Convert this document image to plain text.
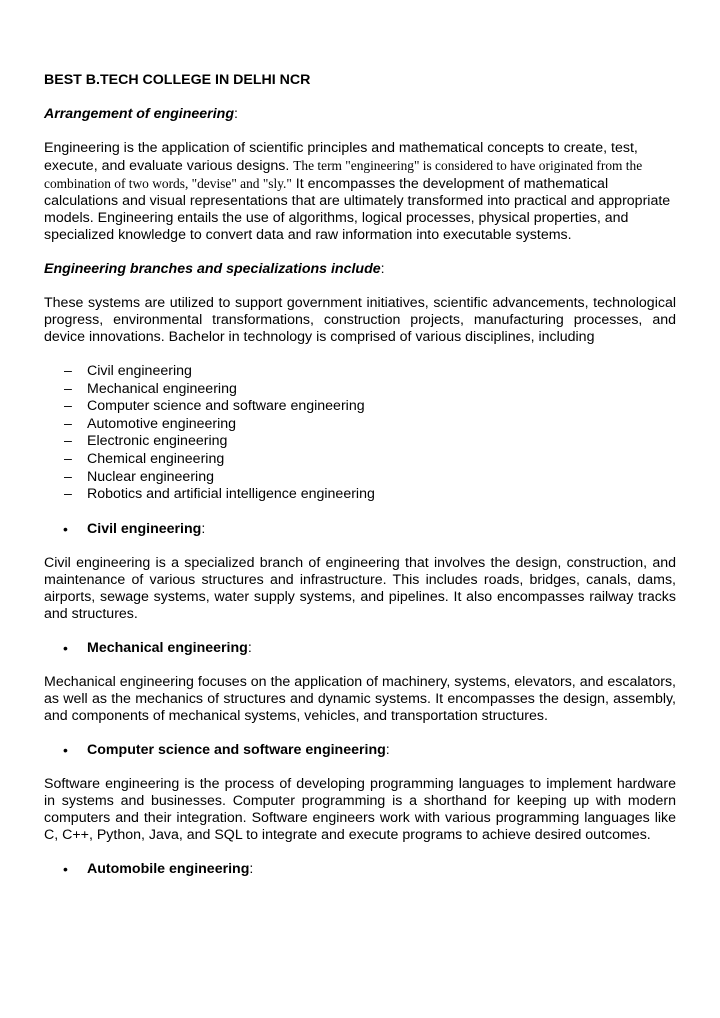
BEST B.TECH COLLEGE IN DELHI NCR
Arrangement of engineering:

Engineering is the application of scientific principles and mathematical concepts to create, test, execute, and evaluate various designs. The term "engineering" is considered to have originated from the combination of two words, "devise" and "sly." It encompasses the development of mathematical calculations and visual representations that are ultimately transformed into practical and appropriate models. Engineering entails the use of algorithms, logical processes, physical properties, and specialized knowledge to convert data and raw information into executable systems.

Engineering branches and specializations include:

These systems are utilized to support government initiatives, scientific advancements, technological progress, environmental transformations, construction projects, manufacturing processes, and device innovations. Bachelor in technology is comprised of various disciplines, including

– Civil engineering
– Mechanical engineering
– Computer science and software engineering
– Automotive engineering
– Electronic engineering
– Chemical engineering
– Nuclear engineering
– Robotics and artificial intelligence engineering
• Civil engineering:

Civil engineering is a specialized branch of engineering that involves the design, construction, and maintenance of various structures and infrastructure. This includes roads, bridges, canals, dams, airports, sewage systems, water supply systems, and pipelines. It also encompasses railway tracks and structures.

• Mechanical engineering:

Mechanical engineering focuses on the application of machinery, systems, elevators, and escalators, as well as the mechanics of structures and dynamic systems. It encompasses the design, assembly, and components of mechanical systems, vehicles, and transportation structures.

• Computer science and software engineering:

Software engineering is the process of developing programming languages to implement hardware in systems and businesses. Computer programming is a shorthand for keeping up with modern computers and their integration. Software engineers work with various programming languages like C, C++, Python, Java, and SQL to integrate and execute programs to achieve desired outcomes.

• Automobile engineering:
